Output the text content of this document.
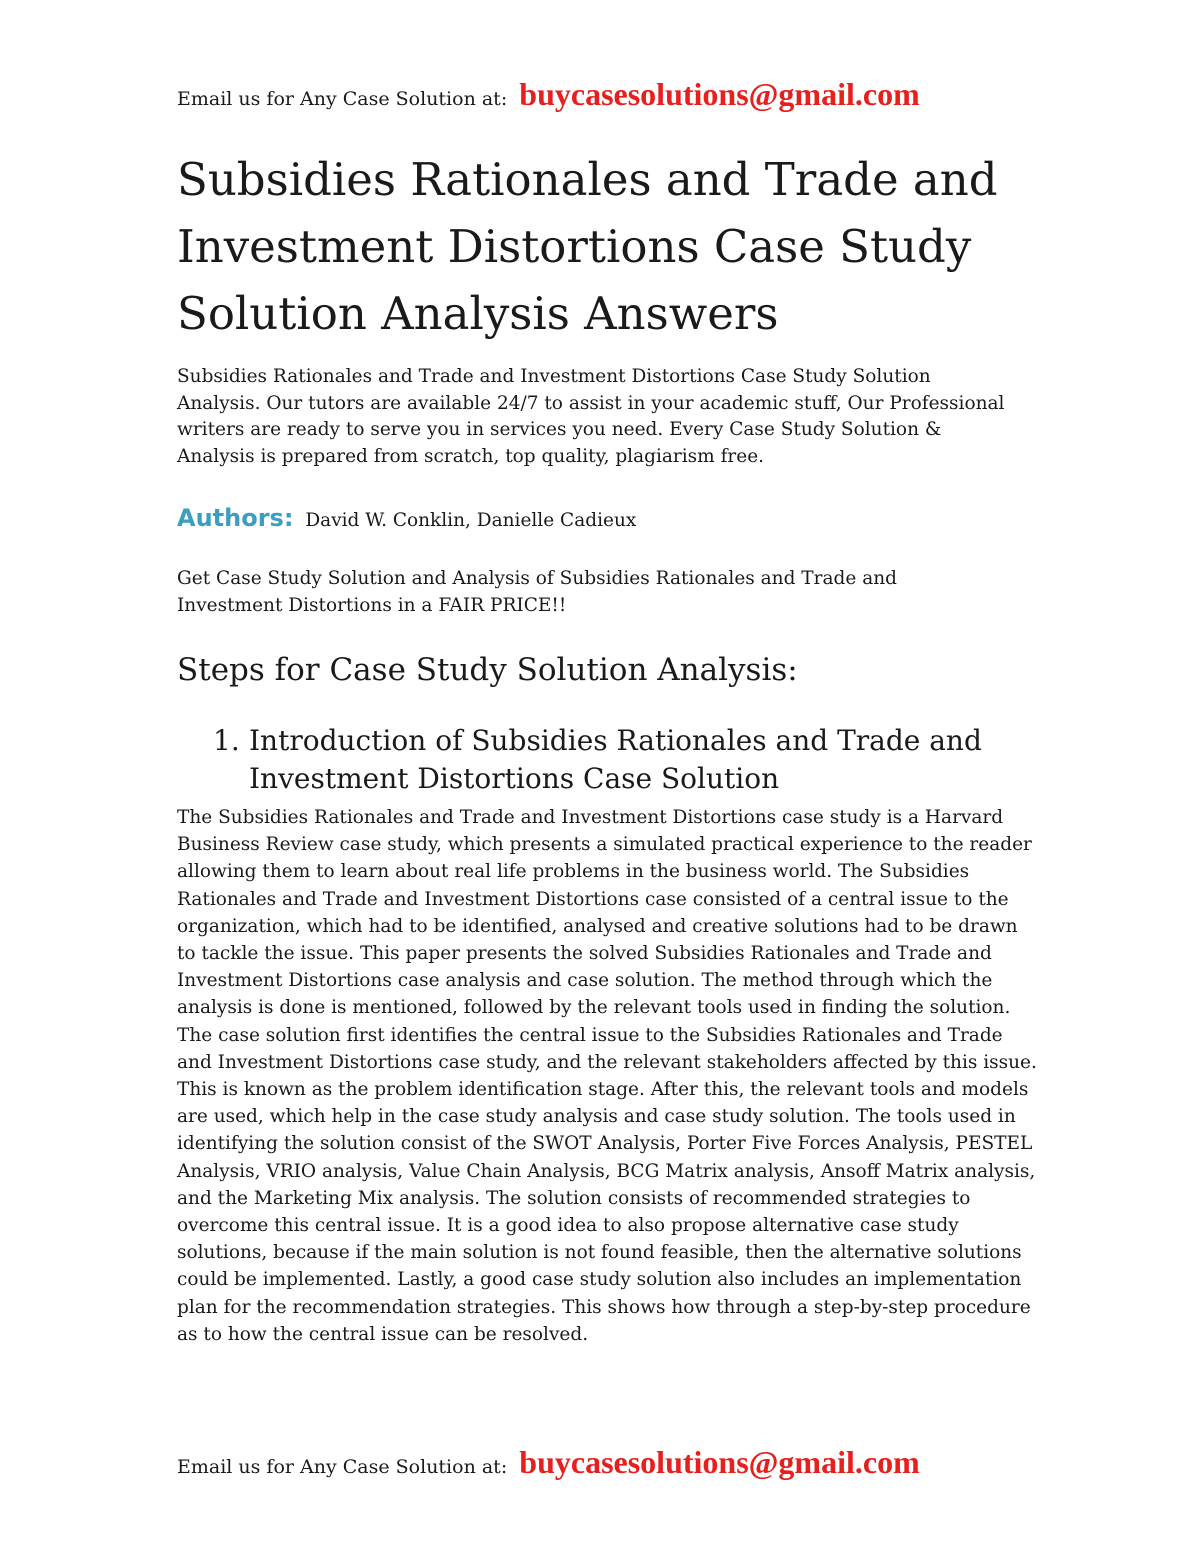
Email us for Any Case Solution at: buycasesolutions@gmail.com
Subsidies Rationales and Trade and Investment Distortions Case Study Solution Analysis Answers

Subsidies Rationales and Trade and Investment Distortions Case Study Solution Analysis. Our tutors are available 24/7 to assist in your academic stuff, Our Professional writers are ready to serve you in services you need. Every Case Study Solution & Analysis is prepared from scratch, top quality, plagiarism free.

Authors: David W. Conklin, Danielle Cadieux

Get Case Study Solution and Analysis of Subsidies Rationales and Trade and Investment Distortions in a FAIR PRICE!!

Steps for Case Study Solution Analysis:
1. Introduction of Subsidies Rationales and Trade and Investment Distortions Case Solution

The Subsidies Rationales and Trade and Investment Distortions case study is a Harvard Business Review case study, which presents a simulated practical experience to the reader allowing them to learn about real life problems in the business world. The Subsidies Rationales and Trade and Investment Distortions case consisted of a central issue to the organization, which had to be identified, analysed and creative solutions had to be drawn to tackle the issue. This paper presents the solved Subsidies Rationales and Trade and Investment Distortions case analysis and case solution. The method through which the analysis is done is mentioned, followed by the relevant tools used in finding the solution.

The case solution first identifies the central issue to the Subsidies Rationales and Trade and Investment Distortions case study, and the relevant stakeholders affected by this issue. This is known as the problem identification stage. After this, the relevant tools and models are used, which help in the case study analysis and case study solution. The tools used in identifying the solution consist of the SWOT Analysis, Porter Five Forces Analysis, PESTEL Analysis, VRIO analysis, Value Chain Analysis, BCG Matrix analysis, Ansoff Matrix analysis, and the Marketing Mix analysis. The solution consists of recommended strategies to overcome this central issue. It is a good idea to also propose alternative case study solutions, because if the main solution is not found feasible, then the alternative solutions could be implemented. Lastly, a good case study solution also includes an implementation plan for the recommendation strategies. This shows how through a step-by-step procedure as to how the central issue can be resolved.

Email us for Any Case Solution at: buycasesolutions@gmail.com
